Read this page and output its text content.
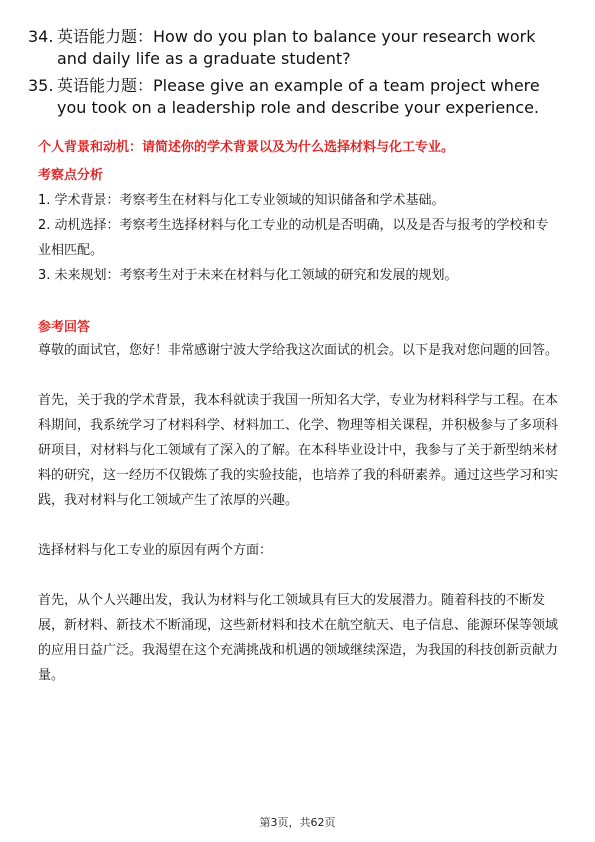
34. 英语能力题：How do you plan to balance your research work and daily life as a graduate student?
35. 英语能力题：Please give an example of a team project where you took on a leadership role and describe your experience.
个人背景和动机：请简述你的学术背景以及为什么选择材料与化工专业。
考察点分析

1. 学术背景：考察考生在材料与化工专业领域的知识储备和学术基础。

2. 动机选择：考察考生选择材料与化工专业的动机是否明确，以及是否与报考的学校和专业相匹配。

3. 未来规划：考察考生对于未来在材料与化工领域的研究和发展的规划。

参考回答

尊敬的面试官，您好！非常感谢宁波大学给我这次面试的机会。以下是我对您问题的回答。

首先，关于我的学术背景，我本科就读于我国一所知名大学，专业为材料科学与工程。在本科期间，我系统学习了材料科学、材料加工、化学、物理等相关课程，并积极参与了多项科研项目，对材料与化工领域有了深入的了解。在本科毕业设计中，我参与了关于新型纳米材料的研究，这一经历不仅锻炼了我的实验技能，也培养了我的科研素养。通过这些学习和实践，我对材料与化工领域产生了浓厚的兴趣。

选择材料与化工专业的原因有两个方面：

首先，从个人兴趣出发，我认为材料与化工领域具有巨大的发展潜力。随着科技的不断发展，新材料、新技术不断涌现，这些新材料和技术在航空航天、电子信息、能源环保等领域的应用日益广泛。我渴望在这个充满挑战和机遇的领域继续深造，为我国的科技创新贡献力量。

第3页，共62页
